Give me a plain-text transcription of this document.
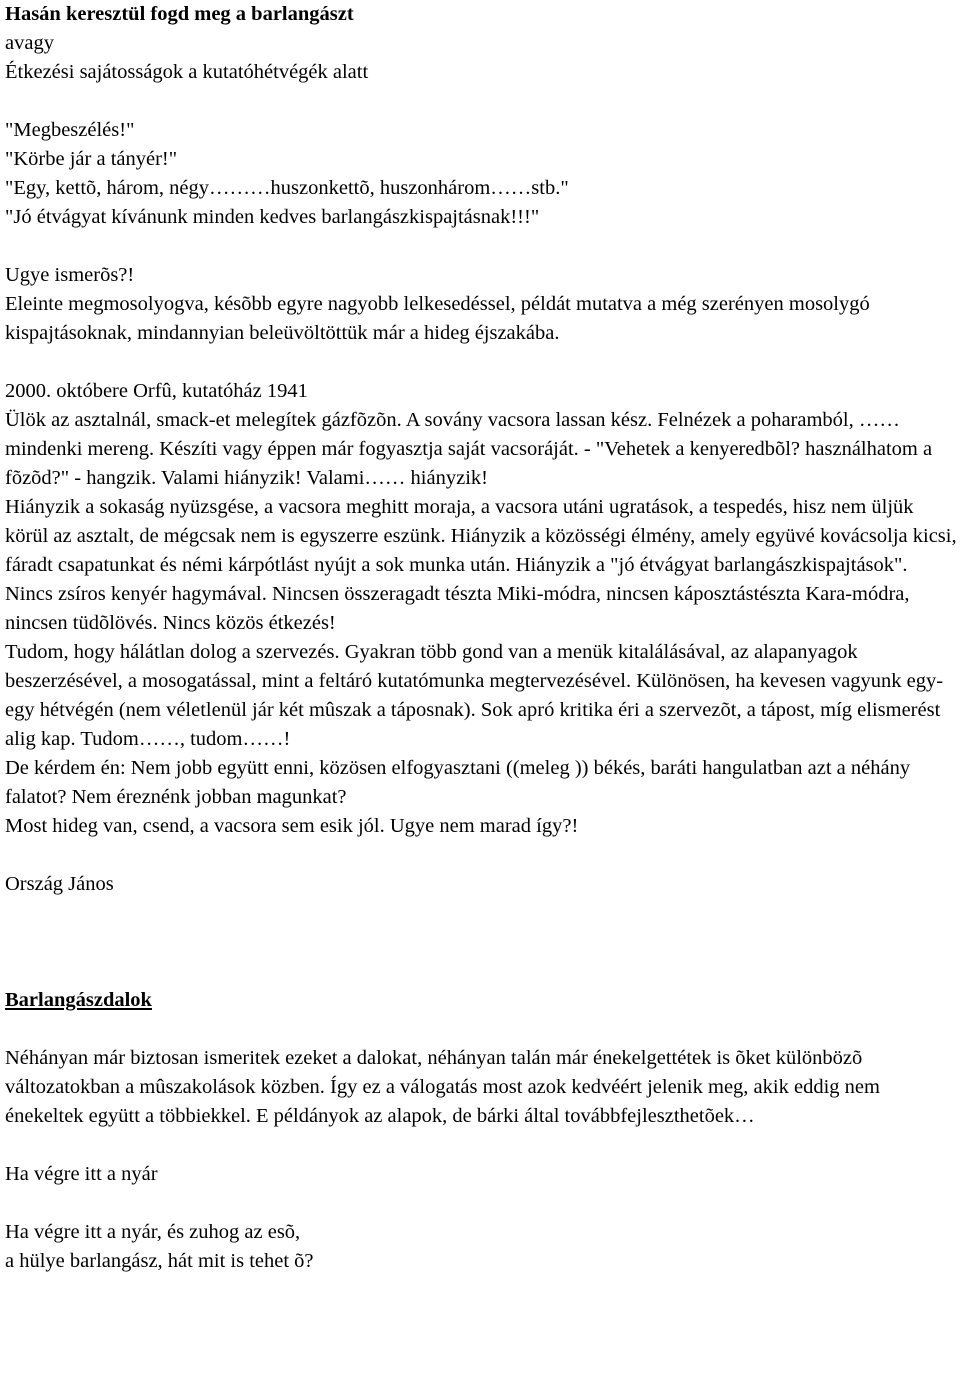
Hasán keresztül fogd meg a barlangászt
avagy
Étkezési sajátosságok a kutatóhétvégék alatt
"Megbeszélés!"
"Körbe jár a tányér!"
"Egy, kettõ, három, négy………huszonkettõ, huszonhárom……stb."
"Jó étvágyat kívánunk minden kedves barlangászkispajtásnak!!!"
Ugye ismerõs?!
Eleinte megmosolyogva, késõbb egyre nagyobb lelkesedéssel, példát mutatva a még szerényen mosolygó kispajtásoknak, mindannyian beleüvöltöttük már a hideg éjszakába.
2000. októbere Orfû, kutatóház 1941
Ülök az asztalnál, smack-et melegítek gázfõzõn. A sovány vacsora lassan kész. Felnézek a poharamból, ……mindenki mereng. Készíti vagy éppen már fogyasztja saját vacsoráját. - "Vehetek a kenyeredbõl? használhatom a fõzõd?" - hangzik. Valami hiányzik! Valami…… hiányzik!
Hiányzik a sokaság nyüzsgése, a vacsora meghitt moraja, a vacsora utáni ugratások, a tespedés, hisz nem üljük körül az asztalt, de mégcsak nem is egyszerre eszünk. Hiányzik a közösségi élmény, amely együvé kovácsolja kicsi, fáradt csapatunkat és némi kárpótlást nyújt a sok munka után. Hiányzik a "jó étvágyat barlangászkispajtások". Nincs zsíros kenyér hagymával. Nincsen összeragadt tészta Miki-módra, nincsen káposztástészta Kara-módra, nincsen tüdõlövés. Nincs közös étkezés!
Tudom, hogy hálátlan dolog a szervezés. Gyakran több gond van a menük kitalálásával, az alapanyagok beszerzésével, a mosogatással, mint a feltáró kutatómunka megtervezésével. Különösen, ha kevesen vagyunk egy-egy hétvégén (nem véletlenül jár két mûszak a táposnak). Sok apró kritika éri a szervezõt, a tápost, míg elismerést alig kap. Tudom……, tudom……!
De kérdem én: Nem jobb együtt enni, közösen elfogyasztani ((meleg )) békés, baráti hangulatban azt a néhány falatot? Nem éreznénk jobban magunkat?
Most hideg van, csend, a vacsora sem esik jól. Ugye nem marad így?!
Ország János
Barlangászdalok
Néhányan már biztosan ismeritek ezeket a dalokat, néhányan talán már énekelgettétek is õket különbözõ változatokban a mûszakolások közben. Így ez a válogatás most azok kedvéért jelenik meg, akik eddig nem énekeltek együtt a többiekkel. E példányok az alapok, de bárki által továbbfejleszthetõek…
Ha végre itt a nyár
Ha végre itt a nyár, és zuhog az esõ,
a hülye barlangász, hát mit is tehet õ?
